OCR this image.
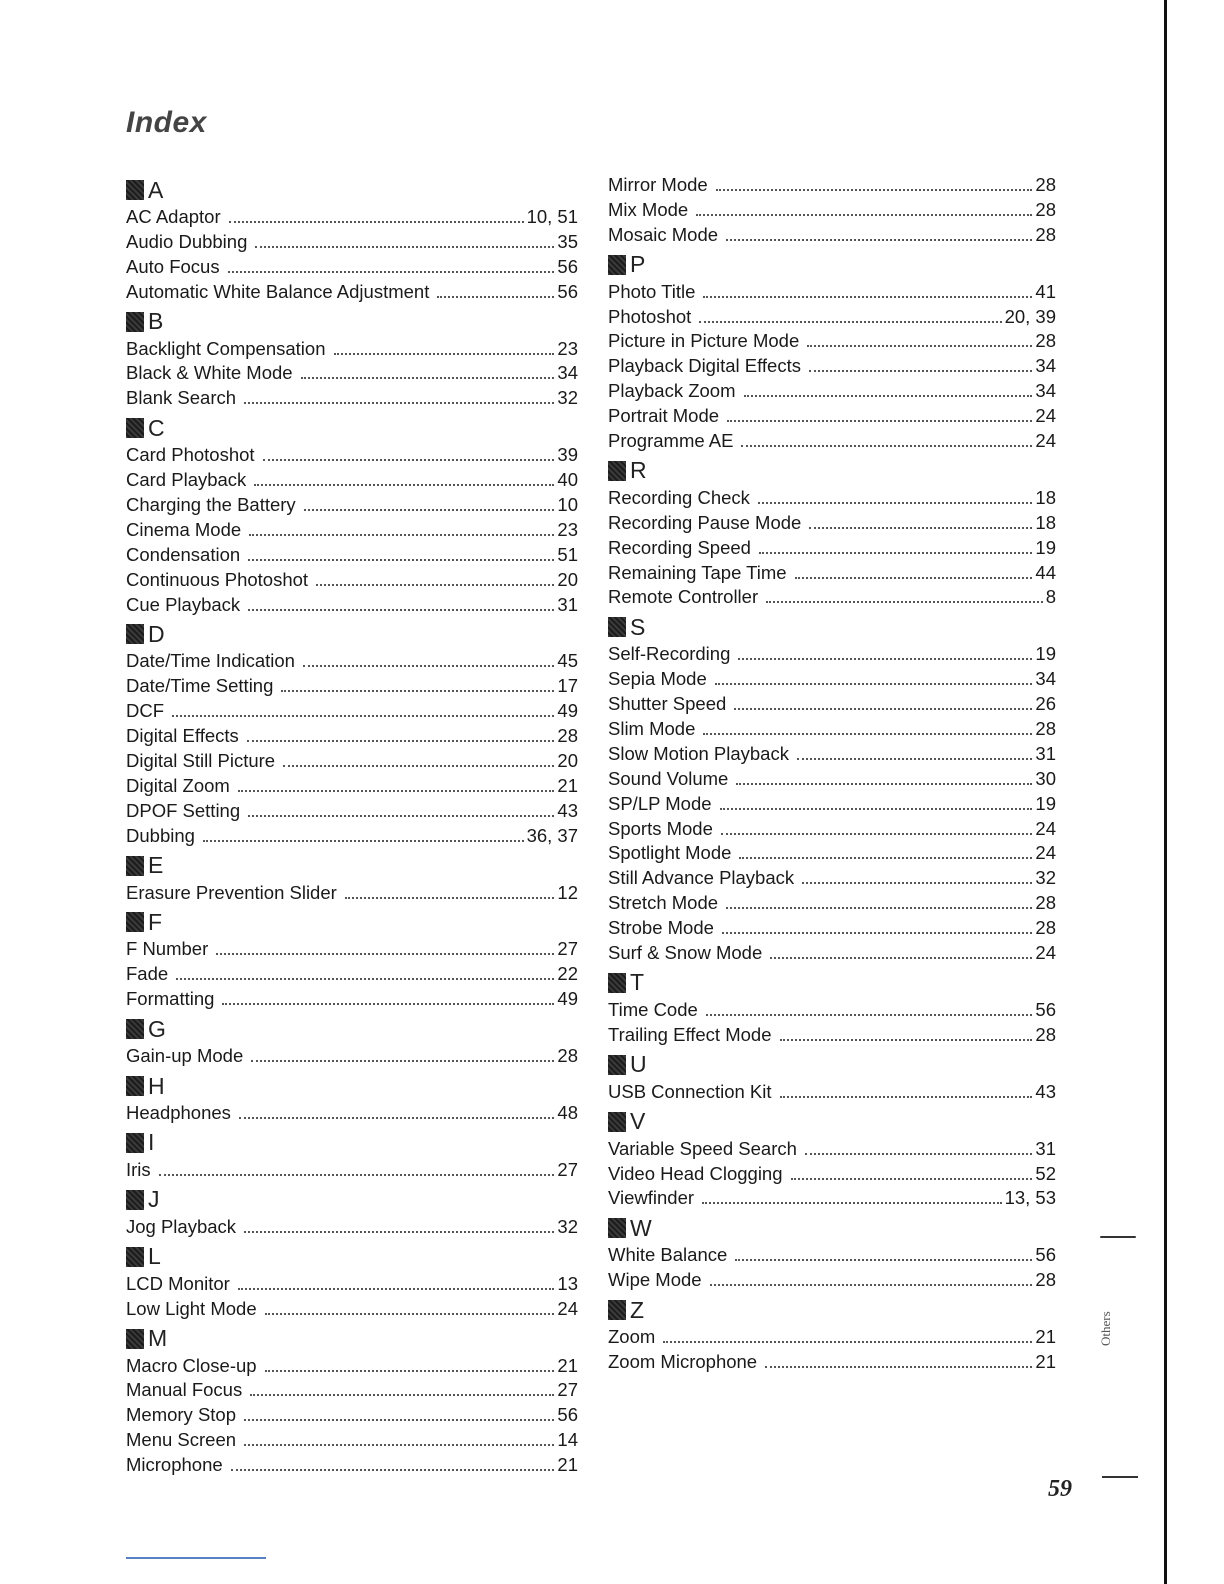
Index
A
AC Adaptor	10, 51
Audio Dubbing	35
Auto Focus	56
Automatic White Balance Adjustment	56
B
Backlight Compensation	23
Black & White Mode	34
Blank Search	32
C
Card Photoshot	39
Card Playback	40
Charging the Battery	10
Cinema Mode	23
Condensation	51
Continuous Photoshot	20
Cue Playback	31
D
Date/Time Indication	45
Date/Time Setting	17
DCF	49
Digital Effects	28
Digital Still Picture	20
Digital Zoom	21
DPOF Setting	43
Dubbing	36, 37
E
Erasure Prevention Slider	12
F
F Number	27
Fade	22
Formatting	49
G
Gain-up Mode	28
H
Headphones	48
I
Iris	27
J
Jog Playback	32
L
LCD Monitor	13
Low Light Mode	24
M
Macro Close-up	21
Manual Focus	27
Memory Stop	56
Menu Screen	14
Microphone	21
Mirror Mode	28
Mix Mode	28
Mosaic Mode	28
P
Photo Title	41
Photoshot	20, 39
Picture in Picture Mode	28
Playback Digital Effects	34
Playback Zoom	34
Portrait Mode	24
Programme AE	24
R
Recording Check	18
Recording Pause Mode	18
Recording Speed	19
Remaining Tape Time	44
Remote Controller	8
S
Self-Recording	19
Sepia Mode	34
Shutter Speed	26
Slim Mode	28
Slow Motion Playback	31
Sound Volume	30
SP/LP Mode	19
Sports Mode	24
Spotlight Mode	24
Still Advance Playback	32
Stretch Mode	28
Strobe Mode	28
Surf & Snow Mode	24
T
Time Code	56
Trailing Effect Mode	28
U
USB Connection Kit	43
V
Variable Speed Search	31
Video Head Clogging	52
Viewfinder	13, 53
W
White Balance	56
Wipe Mode	28
Z
Zoom	21
Zoom Microphone	21
59
Others
